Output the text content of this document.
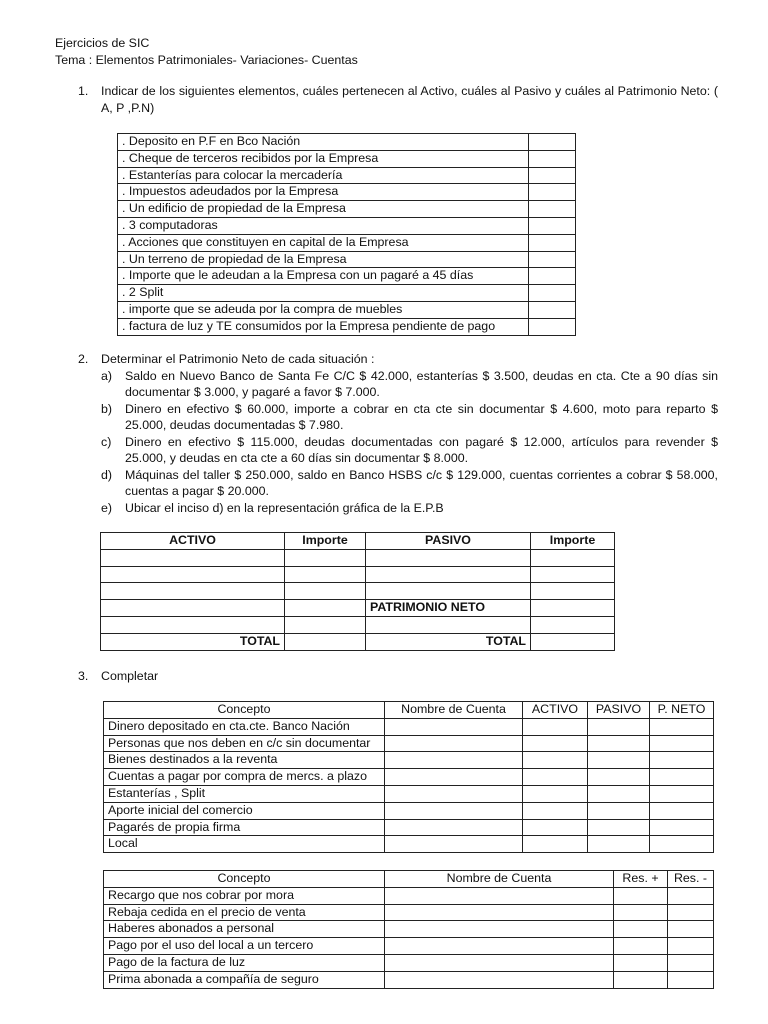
Ejercicios de SIC
Tema : Elementos Patrimoniales- Variaciones- Cuentas
1. Indicar de los siguientes elementos, cuáles pertenecen al Activo, cuáles al Pasivo y cuáles al Patrimonio Neto: ( A, P ,P.N)
. Deposito en P.F en Bco Nación	
. Cheque de terceros recibidos por la Empresa	
. Estanterías para colocar la mercadería	
. Impuestos adeudados por la Empresa	
. Un edificio de propiedad de la Empresa	
. 3 computadoras	
. Acciones que constituyen en capital de la Empresa	
. Un terreno de propiedad de la Empresa	
. Importe que le adeudan a la Empresa con un pagaré a 45 días	
. 2 Split	
. importe que se adeuda por la compra de muebles	
. factura de luz y TE consumidos por la Empresa pendiente de pago	
2. Determinar el Patrimonio Neto de cada situación :
a) Saldo en Nuevo Banco de Santa Fe C/C $ 42.000, estanterías $ 3.500, deudas en cta. Cte a 90 días sin documentar $ 3.000, y pagaré a favor $ 7.000.
b) Dinero en efectivo $ 60.000, importe a cobrar en cta cte sin documentar $ 4.600, moto para reparto $ 25.000, deudas documentadas $ 7.980.
c) Dinero en efectivo $ 115.000, deudas documentadas con pagaré $ 12.000, artículos para revender $ 25.000, y deudas en cta cte a 60 días sin documentar $ 8.000.
d) Máquinas del taller $ 250.000, saldo en Banco HSBS c/c $ 129.000, cuentas corrientes a cobrar $ 58.000, cuentas a pagar $ 20.000.
e) Ubicar el inciso d) en la representación gráfica de la E.P.B
ACTIVO	Importe	PASIVO	Importe

		PATRIMONIO NETO	

TOTAL		TOTAL	
3. Completar
Concepto	Nombre de Cuenta	ACTIVO	PASIVO	P. NETO
Dinero depositado en cta.cte. Banco Nación				
Personas que nos deben en c/c sin documentar				
Bienes destinados a la reventa				
Cuentas a pagar por compra de mercs. a plazo				
Estanterías , Split				
Aporte inicial del comercio				
Pagarés de propia firma				
Local				
Concepto	Nombre de Cuenta	Res. +	Res. -
Recargo que nos cobrar por mora			
Rebaja cedida en el precio de venta			
Haberes abonados a personal			
Pago por el uso del local a un tercero			
Pago de la factura de luz			
Prima abonada a compañía de seguro			
